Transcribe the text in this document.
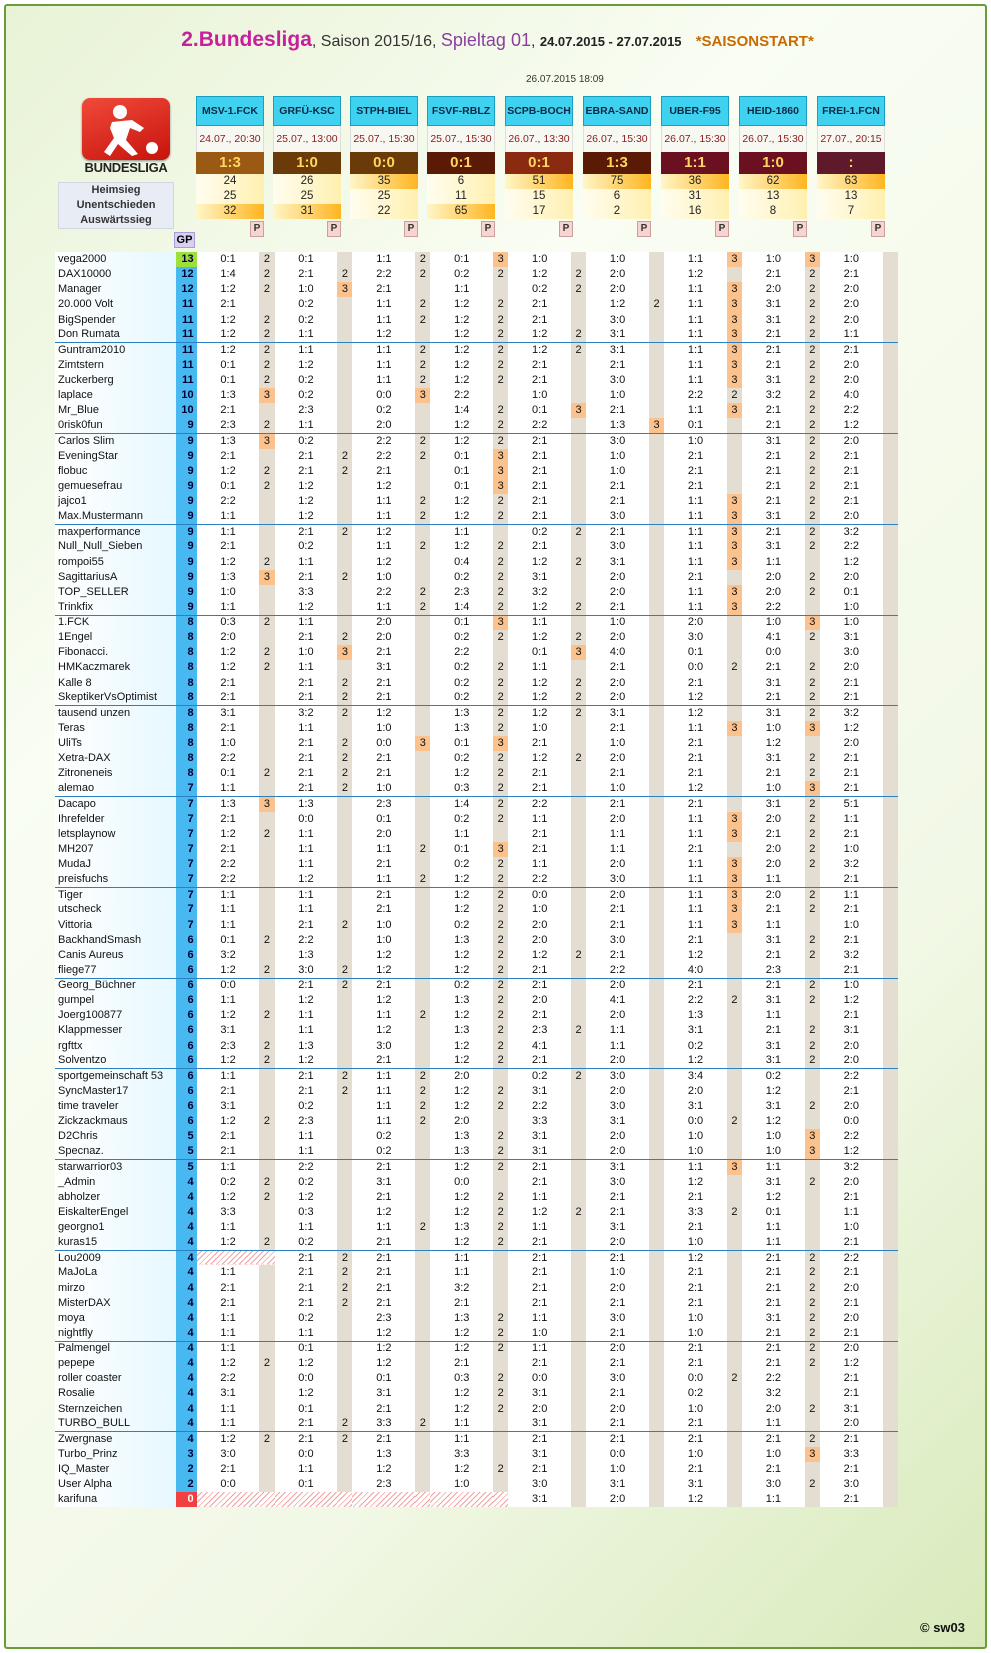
2.Bundesliga, Saison 2015/16, Spieltag 01, 24.07.2015 - 27.07.2015 *SAISONSTART*
26.07.2015 18:09
BUNDESLIGA
Heimsieg
Unentschieden
Auswärtssieg
MSV-1.FCK
24.07., 20:30
1:3
24
25
32
P
GRFÜ-KSC
25.07., 13:00
1:0
26
25
31
P
STPH-BIEL
25.07., 15:30
0:0
35
25
22
P
FSVF-RBLZ
25.07., 15:30
0:1
6
11
65
P
SCPB-BOCH
26.07., 13:30
0:1
51
15
17
P
EBRA-SAND
26.07., 15:30
1:3
75
6
2
P
UBER-F95
26.07., 15:30
1:1
36
31
16
P
HEID-1860
26.07., 15:30
1:0
62
13
8
P
FREI-1.FCN
27.07., 20:15
:
63
13
7
P
GP
vega2000	13	0:1	2	0:1		1:1	2	0:1	3	1:0		1:0		1:1	3	1:0	3	1:0	
DAX10000	12	1:4	2	2:1	2	2:2	2	0:2	2	1:2	2	2:0		1:2		2:1	2	2:1	
Manager	12	1:2	2	1:0	3	2:1		1:1		0:2	2	2:0		1:1	3	2:0	2	2:0	
20.000 Volt	11	2:1		0:2		1:1	2	1:2	2	2:1		1:2	2	1:1	3	3:1	2	2:0	
BigSpender	11	1:2	2	0:2		1:1	2	1:2	2	2:1		3:0		1:1	3	3:1	2	2:0	
Don Rumata	11	1:2	2	1:1		1:2		1:2	2	1:2	2	3:1		1:1	3	2:1	2	1:1	
Guntram2010	11	1:2	2	1:1		1:1	2	1:2	2	1:2	2	3:1		1:1	3	2:1	2	2:1	
Zimtstern	11	0:1	2	1:2		1:1	2	1:2	2	2:1		2:1		1:1	3	2:1	2	2:0	
Zuckerberg	11	0:1	2	0:2		1:1	2	1:2	2	2:1		3:0		1:1	3	3:1	2	2:0	
laplace	10	1:3	3	0:2		0:0	3	2:2		1:0		1:0		2:2	2	3:2	2	4:0	
Mr_Blue	10	2:1		2:3		0:2		1:4	2	0:1	3	2:1		1:1	3	2:1	2	2:2	
0risk0fun	9	2:3	2	1:1		2:0		1:2	2	2:2		1:3	3	0:1		2:1	2	1:2	
Carlos Slim	9	1:3	3	0:2		2:2	2	1:2	2	2:1		3:0		1:0		3:1	2	2:0	
EveningStar	9	2:1		2:1	2	2:2	2	0:1	3	2:1		1:0		2:1		2:1	2	2:1	
flobuc	9	1:2	2	2:1	2	2:1		0:1	3	2:1		1:0		2:1		2:1	2	2:1	
gemuesefrau	9	0:1	2	1:2		1:2		0:1	3	2:1		2:1		2:1		2:1	2	2:1	
jajco1	9	2:2		1:2		1:1	2	1:2	2	2:1		2:1		1:1	3	2:1	2	2:1	
Max.Mustermann	9	1:1		1:2		1:1	2	1:2	2	2:1		3:0		1:1	3	3:1	2	2:0	
maxperformance	9	1:1		2:1	2	1:2		1:1		0:2	2	2:1		1:1	3	2:1	2	3:2	
Null_Null_Sieben	9	2:1		0:2		1:1	2	1:2	2	2:1		3:0		1:1	3	3:1	2	2:2	
rompoi55	9	1:2	2	1:1		1:2		0:4	2	1:2	2	3:1		1:1	3	1:1		1:2	
SagittariusA	9	1:3	3	2:1	2	1:0		0:2	2	3:1		2:0		2:1		2:0	2	2:0	
TOP_SELLER	9	1:0		3:3		2:2	2	2:3	2	3:2		2:0		1:1	3	2:0	2	0:1	
Trinkfix	9	1:1		1:2		1:1	2	1:4	2	1:2	2	2:1		1:1	3	2:2		1:0	
1.FCK	8	0:3	2	1:1		2:0		0:1	3	1:1		1:0		2:0		1:0	3	1:0	
1Engel	8	2:0		2:1	2	2:0		0:2	2	1:2	2	2:0		3:0		4:1	2	3:1	
Fibonacci.	8	1:2	2	1:0	3	2:1		2:2		0:1	3	4:0		0:1		0:0		3:0	
HMKaczmarek	8	1:2	2	1:1		3:1		0:2	2	1:1		2:1		0:0	2	2:1	2	2:0	
Kalle 8	8	2:1		2:1	2	2:1		0:2	2	1:2	2	2:0		2:1		3:1	2	2:1	
SkeptikerVsOptimist	8	2:1		2:1	2	2:1		0:2	2	1:2	2	2:0		1:2		2:1	2	2:1	
tausend unzen	8	3:1		3:2	2	1:2		1:3	2	1:2	2	3:1		1:2		3:1	2	3:2	
Teras	8	2:1		1:1		1:0		1:3	2	1:0		2:1		1:1	3	1:0	3	1:2	
UliTs	8	1:0		2:1	2	0:0	3	0:1	3	2:1		1:0		2:1		1:2		2:0	
Xetra-DAX	8	2:2		2:1	2	2:1		0:2	2	1:2	2	2:0		2:1		3:1	2	2:1	
Zitroneneis	8	0:1	2	2:1	2	2:1		1:2	2	2:1		2:1		2:1		2:1	2	2:1	
alemao	7	1:1		2:1	2	1:0		0:3	2	2:1		1:0		1:2		1:0	3	2:1	
Dacapo	7	1:3	3	1:3		2:3		1:4	2	2:2		2:1		2:1		3:1	2	5:1	
Ihrefelder	7	2:1		0:0		0:1		0:2	2	1:1		2:0		1:1	3	2:0	2	1:1	
letsplaynow	7	1:2	2	1:1		2:0		1:1		2:1		1:1		1:1	3	2:1	2	2:1	
MH207	7	2:1		1:1		1:1	2	0:1	3	2:1		1:1		2:1		2:0	2	1:0	
MudaJ	7	2:2		1:1		2:1		0:2	2	1:1		2:0		1:1	3	2:0	2	3:2	
preisfuchs	7	2:2		1:2		1:1	2	1:2	2	2:2		3:0		1:1	3	1:1		2:1	
Tiger	7	1:1		1:1		2:1		1:2	2	0:0		2:0		1:1	3	2:0	2	1:1	
utscheck	7	1:1		1:1		2:1		1:2	2	1:0		2:1		1:1	3	2:1	2	2:1	
Vittoria	7	1:1		2:1	2	1:0		0:2	2	2:0		2:1		1:1	3	1:1		1:0	
BackhandSmash	6	0:1	2	2:2		1:0		1:3	2	2:0		3:0		2:1		3:1	2	2:1	
Canis Aureus	6	3:2		1:3		1:2		1:2	2	1:2	2	2:1		1:2		2:1	2	3:2	
fliege77	6	1:2	2	3:0	2	1:2		1:2	2	2:1		2:2		4:0		2:3		2:1	
Georg_Büchner	6	0:0		2:1	2	2:1		0:2	2	2:1		2:0		2:1		2:1	2	1:0	
gumpel	6	1:1		1:2		1:2		1:3	2	2:0		4:1		2:2	2	3:1	2	1:2	
Joerg100877	6	1:2	2	1:1		1:1	2	1:2	2	2:1		2:0		1:3		1:1		2:1	
Klappmesser	6	3:1		1:1		1:2		1:3	2	2:3	2	1:1		3:1		2:1	2	3:1	
rgfttx	6	2:3	2	1:3		3:0		1:2	2	4:1		1:1		0:2		3:1	2	2:0	
Solventzo	6	1:2	2	1:2		2:1		1:2	2	2:1		2:0		1:2		3:1	2	2:0	
sportgemeinschaft 53	6	1:1		2:1	2	1:1	2	2:0		0:2	2	3:0		3:4		0:2		2:2	
SyncMaster17	6	2:1		2:1	2	1:1	2	1:2	2	3:1		2:0		2:0		1:2		2:1	
time traveler	6	3:1		0:2		1:1	2	1:2	2	2:2		3:0		3:1		3:1	2	2:0	
Zickzackmaus	6	1:2	2	2:3		1:1	2	2:0		3:3		3:1		0:0	2	1:2		0:0	
D2Chris	5	2:1		1:1		0:2		1:3	2	3:1		2:0		1:0		1:0	3	2:2	
Specnaz.	5	2:1		1:1		0:2		1:3	2	3:1		2:0		1:0		1:0	3	1:2	
starwarrior03	5	1:1		2:2		2:1		1:2	2	2:1		3:1		1:1	3	1:1		3:2	
_Admin	4	0:2	2	0:2		3:1		0:0		2:1		3:0		1:2		3:1	2	2:0	
abholzer	4	1:2	2	1:2		2:1		1:2	2	1:1		2:1		2:1		1:2		2:1	
EiskalterEngel	4	3:3		0:3		1:2		1:2	2	1:2	2	2:1		3:3	2	0:1		1:1	
georgno1	4	1:1		1:1		1:1	2	1:3	2	1:1		3:1		2:1		1:1		1:0	
kuras15	4	1:2	2	0:2		2:1		1:2	2	2:1		2:0		1:0		1:1		2:1	
Lou2009	4			2:1	2	2:1		1:1		2:1		2:1		1:2		2:1	2	2:2	
MaJoLa	4	1:1		2:1	2	2:1		1:1		2:1		1:0		2:1		2:1	2	2:1	
mirzo	4	2:1		2:1	2	2:1		3:2		2:1		2:0		2:1		2:1	2	2:0	
MisterDAX	4	2:1		2:1	2	2:1		2:1		2:1		2:1		2:1		2:1	2	2:1	
moya	4	1:1		0:2		2:3		1:3	2	1:1		3:0		1:0		3:1	2	2:0	
nightfly	4	1:1		1:1		1:2		1:2	2	1:0		2:1		1:0		2:1	2	2:1	
Palmengel	4	1:1		0:1		1:2		1:2	2	1:1		2:0		2:1		2:1	2	2:0	
pepepe	4	1:2	2	1:2		1:2		2:1		2:1		2:1		2:1		2:1	2	1:2	
roller coaster	4	2:2		0:0		0:1		0:3	2	0:0		3:0		0:0	2	2:2		2:1	
Rosalie	4	3:1		1:2		3:1		1:2	2	3:1		2:1		0:2		3:2		2:1	
Sternzeichen	4	1:1		0:1		2:1		1:2	2	2:0		2:0		1:0		2:0	2	3:1	
TURBO_BULL	4	1:1		2:1	2	3:3	2	1:1		3:1		2:1		2:1		1:1		2:0	
Zwergnase	4	1:2	2	2:1	2	2:1		1:1		2:1		2:1		2:1		2:1	2	2:1	
Turbo_Prinz	3	3:0		0:0		1:3		3:3		3:1		0:0		1:0		1:0	3	3:3	
IQ_Master	2	2:1		1:1		1:2		1:2	2	2:1		1:0		2:1		2:1		2:1	
User Alpha	2	0:0		0:1		2:3		1:0		3:0		3:1		3:1		3:0	2	3:0	
karifuna	0									3:1		2:0		1:2		1:1		2:1	
© sw03
